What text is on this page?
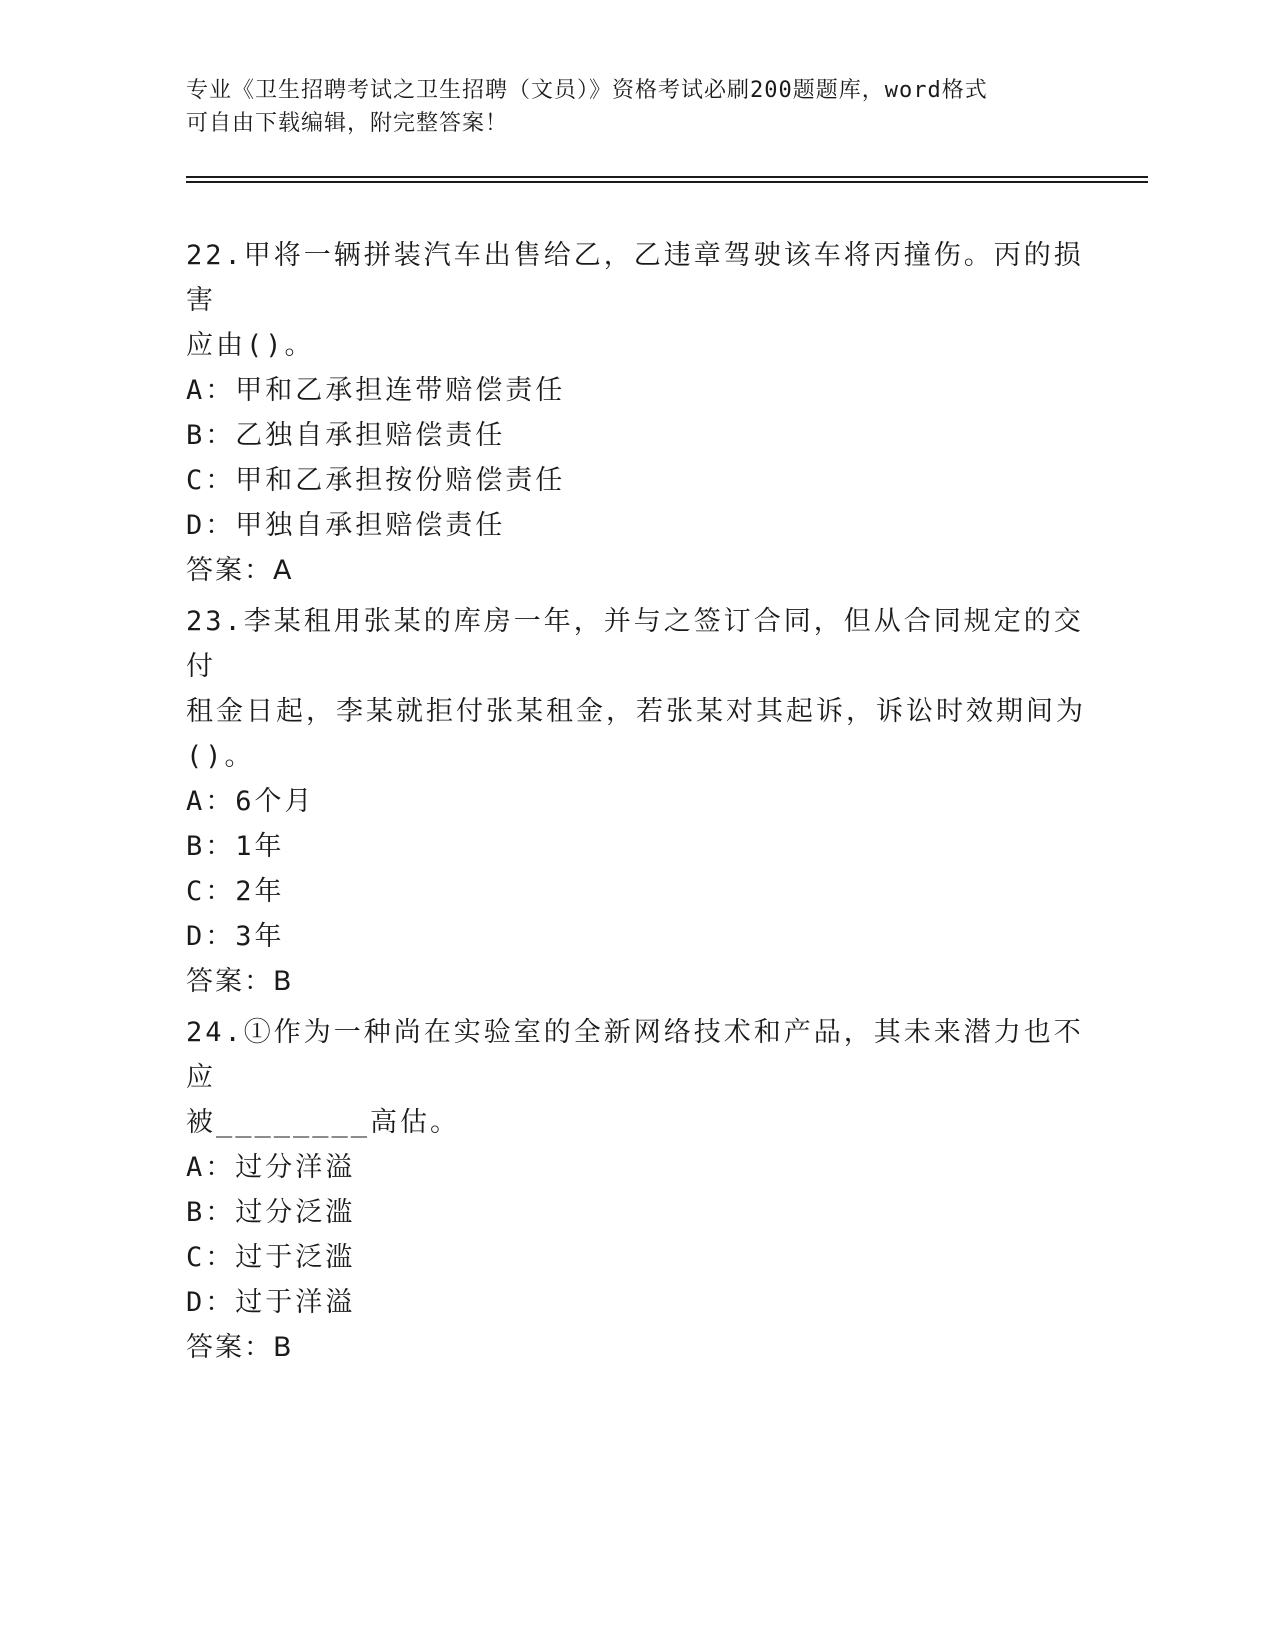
专业《卫生招聘考试之卫生招聘（文员）》资格考试必刷200题题库，word格式
可自由下载编辑，附完整答案！
22.甲将一辆拼装汽车出售给乙，乙违章驾驶该车将丙撞伤。丙的损害
应由()。
A：甲和乙承担连带赔偿责任
B：乙独自承担赔偿责任
C：甲和乙承担按份赔偿责任
D：甲独自承担赔偿责任
答案：A
23.李某租用张某的库房一年，并与之签订合同，但从合同规定的交付
租金日起，李某就拒付张某租金，若张某对其起诉，诉讼时效期间为
()。
A：6个月
B：1年
C：2年
D：3年
答案：B
24.①作为一种尚在实验室的全新网络技术和产品，其未来潜力也不应
被________高估。
A：过分洋溢
B：过分泛滥
C：过于泛滥
D：过于洋溢
答案：B
